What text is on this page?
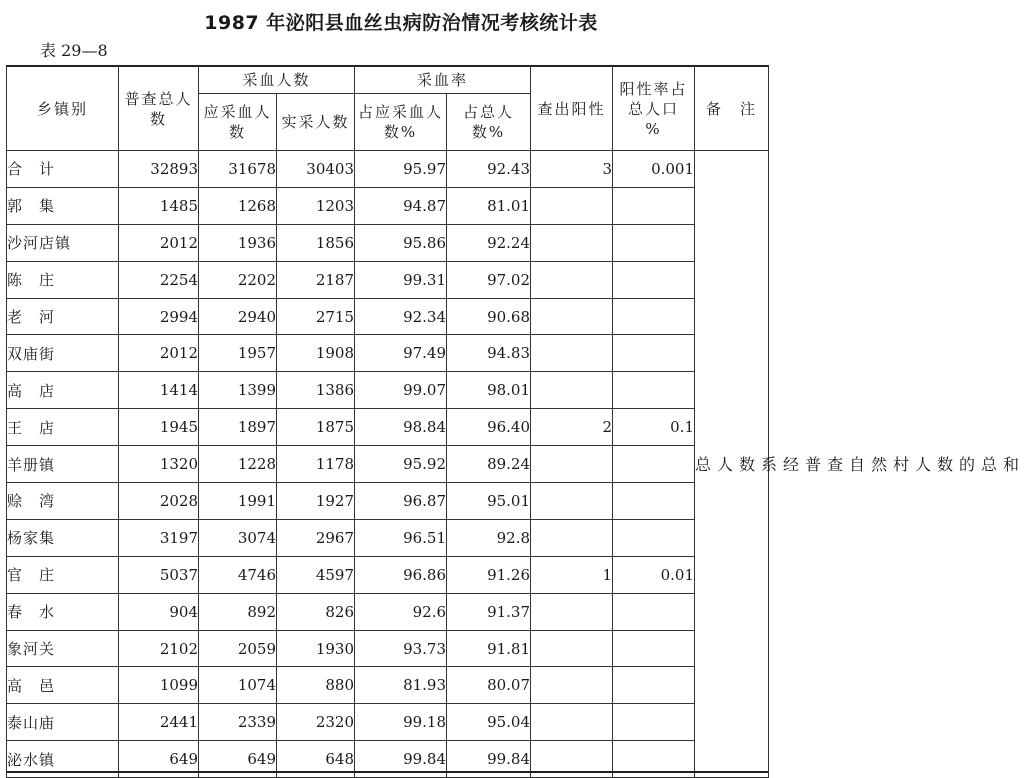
1987 年泌阳县血丝虫病防治情况考核统计表
表 29—8
乡镇别	普查总人　数	采血人数		采血率		查出阳性	阳性率占总人口　%	备　注
		应采血人　数	实采人数	占应采血人数%	占总人数%			
合　计	32893	31678	30403	95.97	92.43	3	0.001	总人数系经普查自然村人数的总和
郭　集	1485	1268	1203	94.87	81.01			
沙河店镇	2012	1936	1856	95.86	92.24			
陈　庄	2254	2202	2187	99.31	97.02			
老　河	2994	2940	2715	92.34	90.68			
双庙街	2012	1957	1908	97.49	94.83			
高　店	1414	1399	1386	99.07	98.01			
王　店	1945	1897	1875	98.84	96.40	2	0.1	
羊册镇	1320	1228	1178	95.92	89.24			
赊　湾	2028	1991	1927	96.87	95.01			
杨家集	3197	3074	2967	96.51	92.8			
官　庄	5037	4746	4597	96.86	91.26	1	0.01	
春　水	904	892	826	92.6	91.37			
象河关	2102	2059	1930	93.73	91.81			
高　邑	1099	1074	880	81.93	80.07			
泰山庙	2441	2339	2320	99.18	95.04			
泌水镇	649	649	648	99.84	99.84			
